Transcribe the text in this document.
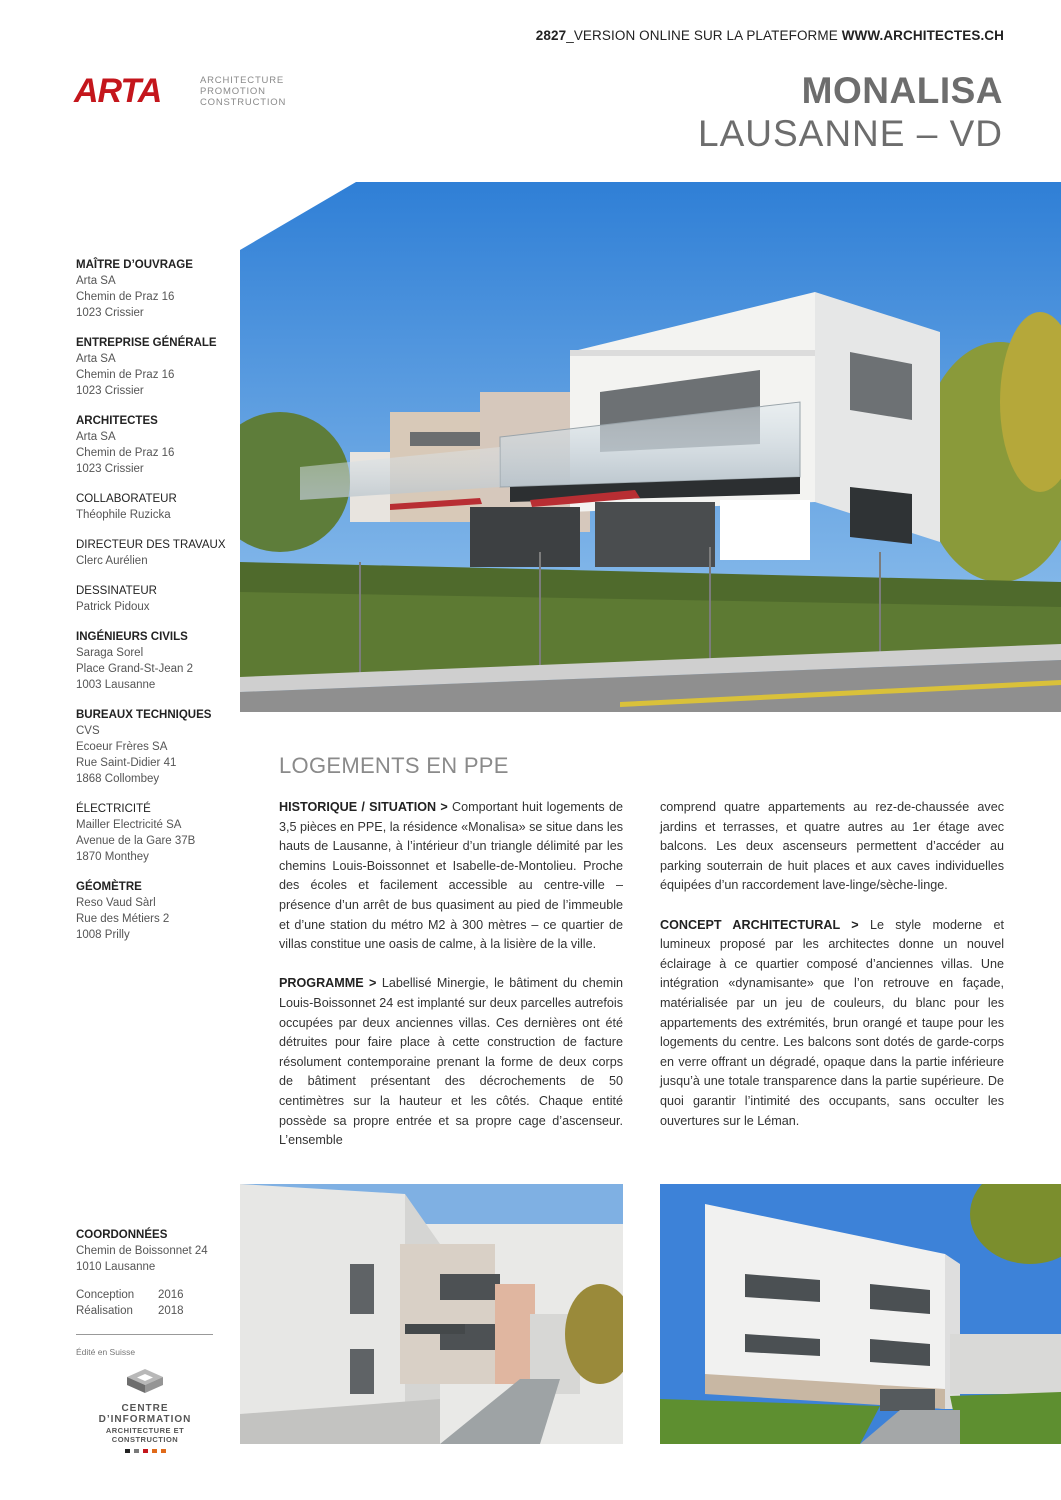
2827_VERSION ONLINE SUR LA PLATEFORME WWW.ARCHITECTES.CH
ARTA	ARCHITECTURE
PROMOTION
CONSTRUCTION	MONALISA
LAUSANNE – VD
MAÎTRE D’OUVRAGE
Arta SA
Chemin de Praz 16
1023 Crissier
ENTREPRISE GÉNÉRALE
Arta SA
Chemin de Praz 16
1023 Crissier
ARCHITECTES
Arta SA
Chemin de Praz 16
1023 Crissier
COLLABORATEUR
Théophile Ruzicka
DIRECTEUR DES TRAVAUX
Clerc Aurélien
DESSINATEUR
Patrick Pidoux
INGÉNIEURS CIVILS
Saraga Sorel
Place Grand-St-Jean 2
1003 Lausanne
BUREAUX TECHNIQUES
CVS
Ecoeur Frères SA
Rue Saint-Didier 41
1868 Collombey
ÉLECTRICITÉ
Mailler Electricité SA
Avenue de la Gare 37B
1870 Monthey
GÉOMÈTRE
Reso Vaud Sàrl
Rue des Métiers 2
1008 Prilly
LOGEMENTS EN PPE

HISTORIQUE / SITUATION > Comportant huit logements de 3,5 pièces en PPE, la résidence «Monalisa» se situe dans les hauts de Lausanne, à l’intérieur d’un triangle délimité par les chemins Louis-Boissonnet et Isabelle-de-Montolieu. Proche des écoles et facilement accessible au centre-ville – présence d’un arrêt de bus quasiment au pied de l’immeuble et d’une station du métro M2 à 300 mètres – ce quartier de villas constitue une oasis de calme, à la lisière de la ville.

PROGRAMME > Labellisé Minergie, le bâtiment du chemin Louis-Boissonnet 24 est implanté sur deux parcelles autrefois occupées par deux anciennes villas. Ces dernières ont été détruites pour faire place à cette construction de facture résolument contemporaine prenant la forme de deux corps de bâtiment présentant des décrochements de 50 centimètres sur la hauteur et les côtés. Chaque entité possède sa propre entrée et sa propre cage d’ascenseur. L’ensemble

comprend quatre appartements au rez-de-chaussée avec jardins et terrasses, et quatre autres au 1er étage avec balcons. Les deux ascenseurs permettent d’accéder au parking souterrain de huit places et aux caves individuelles équipées d’un raccordement lave-linge/sèche-linge.

CONCEPT ARCHITECTURAL > Le style moderne et lumineux proposé par les architectes donne un nouvel éclairage à ce quartier composé d’anciennes villas. Une intégration «dynamisante» que l’on retrouve en façade, matérialisée par un jeu de couleurs, du blanc pour les appartements des extrémités, brun orangé et taupe pour les logements du centre. Les balcons sont dotés de garde-corps en verre offrant un dégradé, opaque dans la partie inférieure jusqu’à une totale transparence dans la partie supérieure. De quoi garantir l’intimité des occupants, sans occulter les ouvertures sur le Léman.

COORDONNÉES
Chemin de Boissonnet 24
1010 Lausanne
Conception	2016
Réalisation	2018
Édité en Suisse
CENTRE D’INFORMATION
ARCHITECTURE ET CONSTRUCTION
